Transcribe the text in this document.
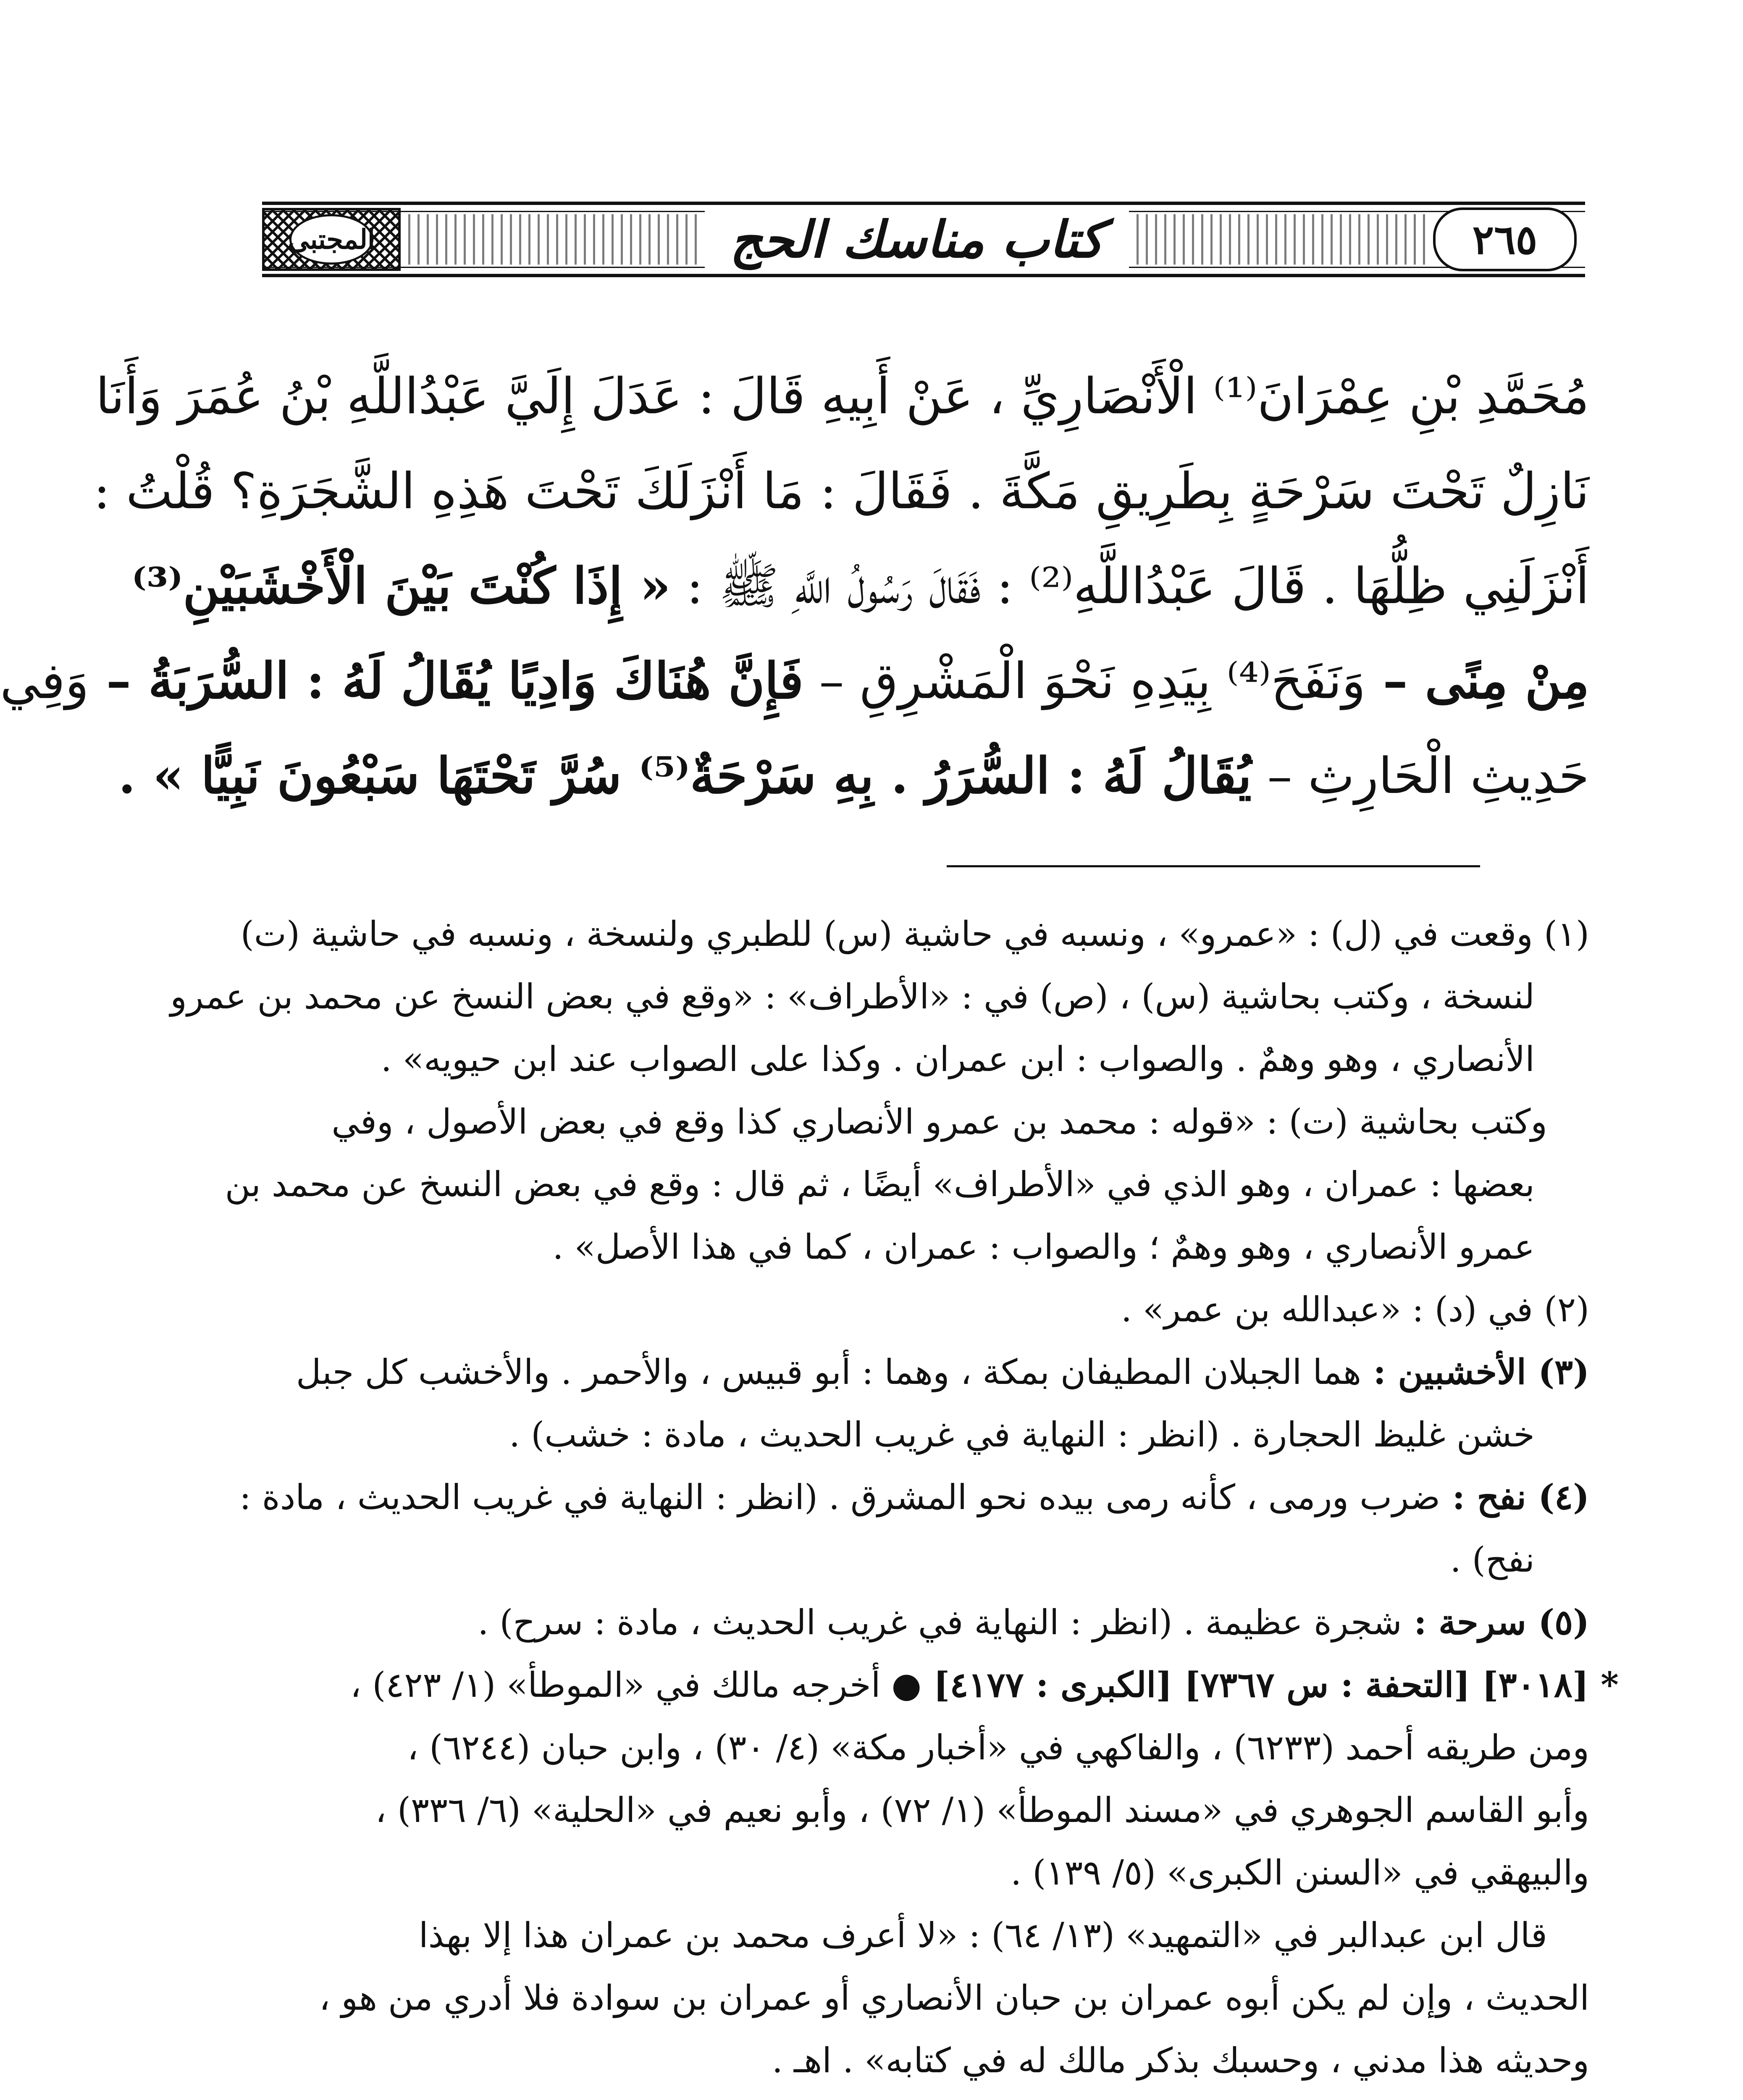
المجتبى	كتاب مناسك الحج	٢٦٥
مُحَمَّدِ بْنِ عِمْرَانَ⁽¹⁾ الْأَنْصَارِيِّ ، عَنْ أَبِيهِ قَالَ : عَدَلَ إِلَيَّ عَبْدُاللَّهِ بْنُ عُمَرَ وَأَنَا
نَازِلٌ تَحْتَ سَرْحَةٍ بِطَرِيقِ مَكَّةَ . فَقَالَ : مَا أَنْزَلَكَ تَحْتَ هَذِهِ الشَّجَرَةِ؟ قُلْتُ :
أَنْزَلَنِي ظِلُّهَا . قَالَ عَبْدُاللَّهِ⁽²⁾ : فَقَالَ رَسُولُ اللَّهِ ﷺ : « إِذَا كُنْتَ بَيْنَ الْأَخْشَبَيْنِ⁽³⁾
مِنْ مِنًى – وَنَفَحَ⁽⁴⁾ بِيَدِهِ نَحْوَ الْمَشْرِقِ – فَإِنَّ هُنَاكَ وَادِيًا يُقَالُ لَهُ : السُّرَبَةُ – وَفِي
حَدِيثِ الْحَارِثِ – يُقَالُ لَهُ : السُّرَرُ . بِهِ سَرْحَةٌ⁽⁵⁾ سُرَّ تَحْتَهَا سَبْعُونَ نَبِيًّا » .
(١) وقعت في (ل) : «عمرو» ، ونسبه في حاشية (س) للطبري ولنسخة ، ونسبه في حاشية (ت)
لنسخة ، وكتب بحاشية (س) ، (ص) في : «الأطراف» : «وقع في بعض النسخ عن محمد بن عمرو
الأنصاري ، وهو وهمٌ . والصواب : ابن عمران . وكذا على الصواب عند ابن حيويه» .
وكتب بحاشية (ت) : «قوله : محمد بن عمرو الأنصاري كذا وقع في بعض الأصول ، وفي
بعضها : عمران ، وهو الذي في «الأطراف» أيضًا ، ثم قال : وقع في بعض النسخ عن محمد بن
عمرو الأنصاري ، وهو وهمٌ ؛ والصواب : عمران ، كما في هذا الأصل» .
(٢) في (د) : «عبدالله بن عمر» .
(٣) الأخشبين : هما الجبلان المطيفان بمكة ، وهما : أبو قبيس ، والأحمر . والأخشب كل جبل
خشن غليظ الحجارة . (انظر : النهاية في غريب الحديث ، مادة : خشب) .
(٤) نفح : ضرب ورمى ، كأنه رمى بيده نحو المشرق . (انظر : النهاية في غريب الحديث ، مادة :
نفح) .
(٥) سرحة : شجرة عظيمة . (انظر : النهاية في غريب الحديث ، مادة : سرح) .
* [٣٠١٨] [التحفة : س ٧٣٦٧] [الكبرى : ٤١٧٧] ● أخرجه مالك في «الموطأ» (١/ ٤٢٣) ،
ومن طريقه أحمد (٦٢٣٣) ، والفاكهي في «أخبار مكة» (٤/ ٣٠) ، وابن حبان (٦٢٤٤) ،
وأبو القاسم الجوهري في «مسند الموطأ» (١/ ٧٢) ، وأبو نعيم في «الحلية» (٦/ ٣٣٦) ،
والبيهقي في «السنن الكبرى» (٥/ ١٣٩) .
قال ابن عبدالبر في «التمهيد» (١٣/ ٦٤) : «لا أعرف محمد بن عمران هذا إلا بهذا
الحديث ، وإن لم يكن أبوه عمران بن حبان الأنصاري أو عمران بن سوادة فلا أدري من هو ،
وحديثه هذا مدني ، وحسبك بذكر مالك له في كتابه» . اهـ .
